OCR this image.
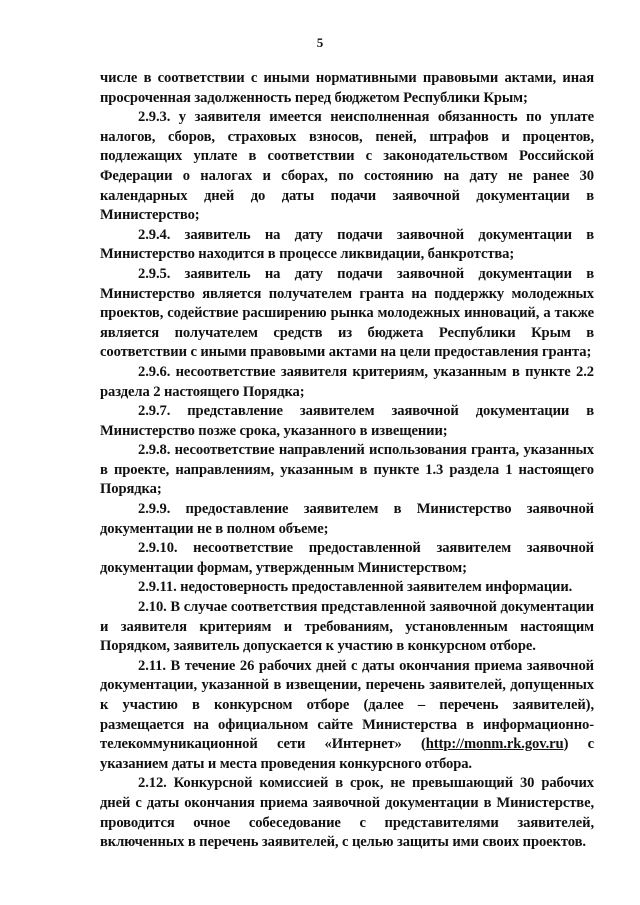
5

числе в соответствии с иными нормативными правовыми актами, иная просроченная задолженность перед бюджетом Республики Крым;

2.9.3. у заявителя имеется неисполненная обязанность по уплате налогов, сборов, страховых взносов, пеней, штрафов и процентов, подлежащих уплате в соответствии с законодательством Российской Федерации о налогах и сборах, по состоянию на дату не ранее 30 календарных дней до даты подачи заявочной документации в Министерство;

2.9.4. заявитель на дату подачи заявочной документации в Министерство находится в процессе ликвидации, банкротства;

2.9.5. заявитель на дату подачи заявочной документации в Министерство является получателем гранта на поддержку молодежных проектов, содействие расширению рынка молодежных инноваций, а также является получателем средств из бюджета Республики Крым в соответствии с иными правовыми актами на цели предоставления гранта;

2.9.6. несоответствие заявителя критериям, указанным в пункте 2.2 раздела 2 настоящего Порядка;

2.9.7. представление заявителем заявочной документации в Министерство позже срока, указанного в извещении;

2.9.8. несоответствие направлений использования гранта, указанных в проекте, направлениям, указанным в пункте 1.3 раздела 1 настоящего Порядка;

2.9.9. предоставление заявителем в Министерство заявочной документации не в полном объеме;

2.9.10. несоответствие предоставленной заявителем заявочной документации формам, утвержденным Министерством;

2.9.11. недостоверность предоставленной заявителем информации.

2.10. В случае соответствия представленной заявочной документации и заявителя критериям и требованиям, установленным настоящим Порядком, заявитель допускается к участию в конкурсном отборе.

2.11. В течение 26 рабочих дней с даты окончания приема заявочной документации, указанной в извещении, перечень заявителей, допущенных к участию в конкурсном отборе (далее – перечень заявителей), размещается на официальном сайте Министерства в информационно-телекоммуникационной сети «Интернет» (http://monm.rk.gov.ru) с указанием даты и места проведения конкурсного отбора.

2.12. Конкурсной комиссией в срок, не превышающий 30 рабочих дней с даты окончания приема заявочной документации в Министерстве, проводится очное собеседование с представителями заявителей, включенных в перечень заявителей, с целью защиты ими своих проектов.
